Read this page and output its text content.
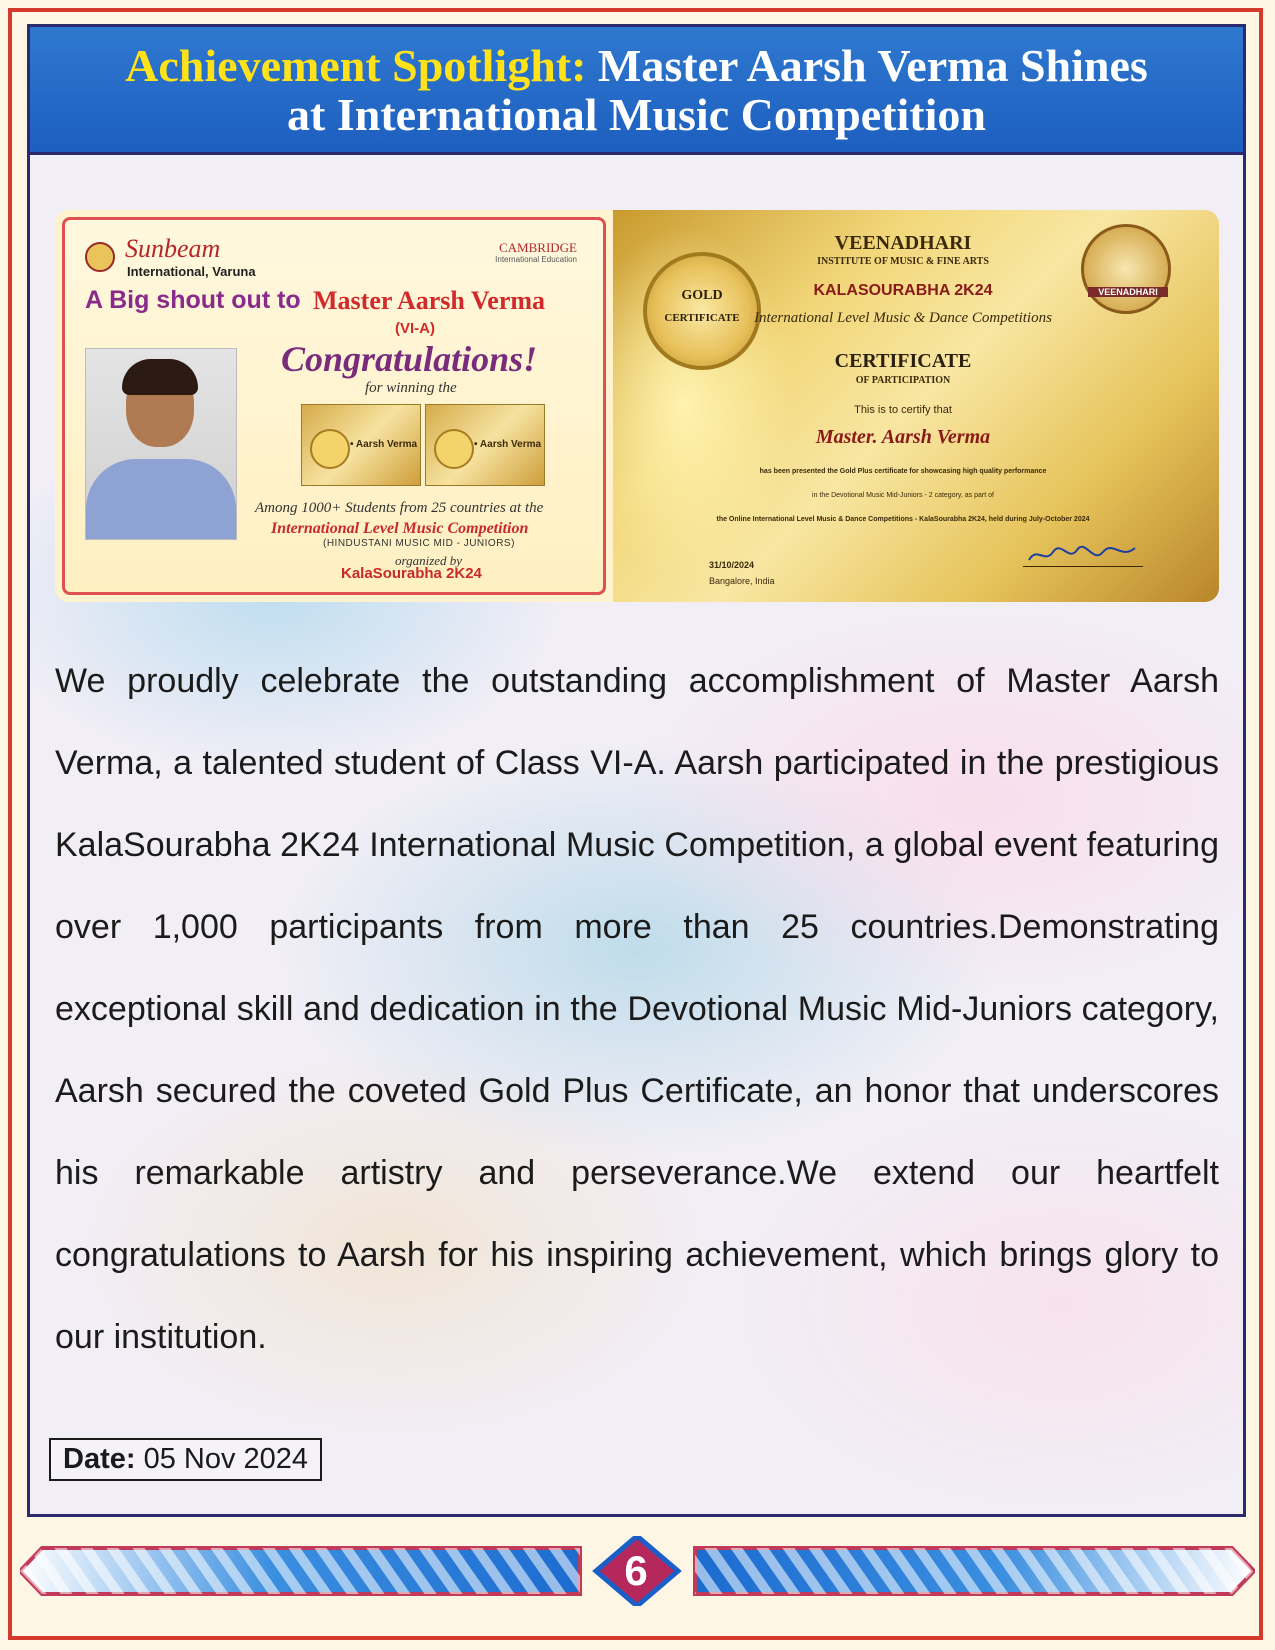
Achievement Spotlight: Master Aarsh Verma Shines
at International Music Competition
Sunbeam
International, Varuna
CAMBRIDGE
International Education
A Big shout out to Master Aarsh Verma
(VI-A)
Congratulations!
for winning the
• Aarsh Verma	• Aarsh Verma
Among 1000+ Students from 25 countries at the
International Level Music Competition
(HINDUSTANI MUSIC MID - JUNIORS)
organized by
KalaSourabha 2K24
GOLD
CERTIFICATE
VEENADHARI
VEENADHARI
INSTITUTE OF MUSIC & FINE ARTS
KALASOURABHA 2K24
International Level Music & Dance Competitions
CERTIFICATE
OF PARTICIPATION
This is to certify that
Master. Aarsh Verma
has been presented the Gold Plus certificate for showcasing high quality performance
in the Devotional Music Mid-Juniors - 2 category, as part of
the Online International Level Music & Dance Competitions - KalaSourabha 2K24, held during July-October 2024
31/10/2024
Bangalore, India

We proudly celebrate the outstanding accomplishment of Master Aarsh Verma, a talented student of Class VI-A. Aarsh participated in the prestigious KalaSourabha 2K24 International Music Competition, a global event featuring over 1,000 participants from more than 25 countries.Demonstrating exceptional skill and dedication in the Devotional Music Mid-Juniors category, Aarsh secured the coveted Gold Plus Certificate, an honor that underscores his remarkable artistry and perseverance.We extend our heartfelt congratulations to Aarsh for his inspiring achievement, which brings glory to our institution.

Date: 05 Nov 2024
6
